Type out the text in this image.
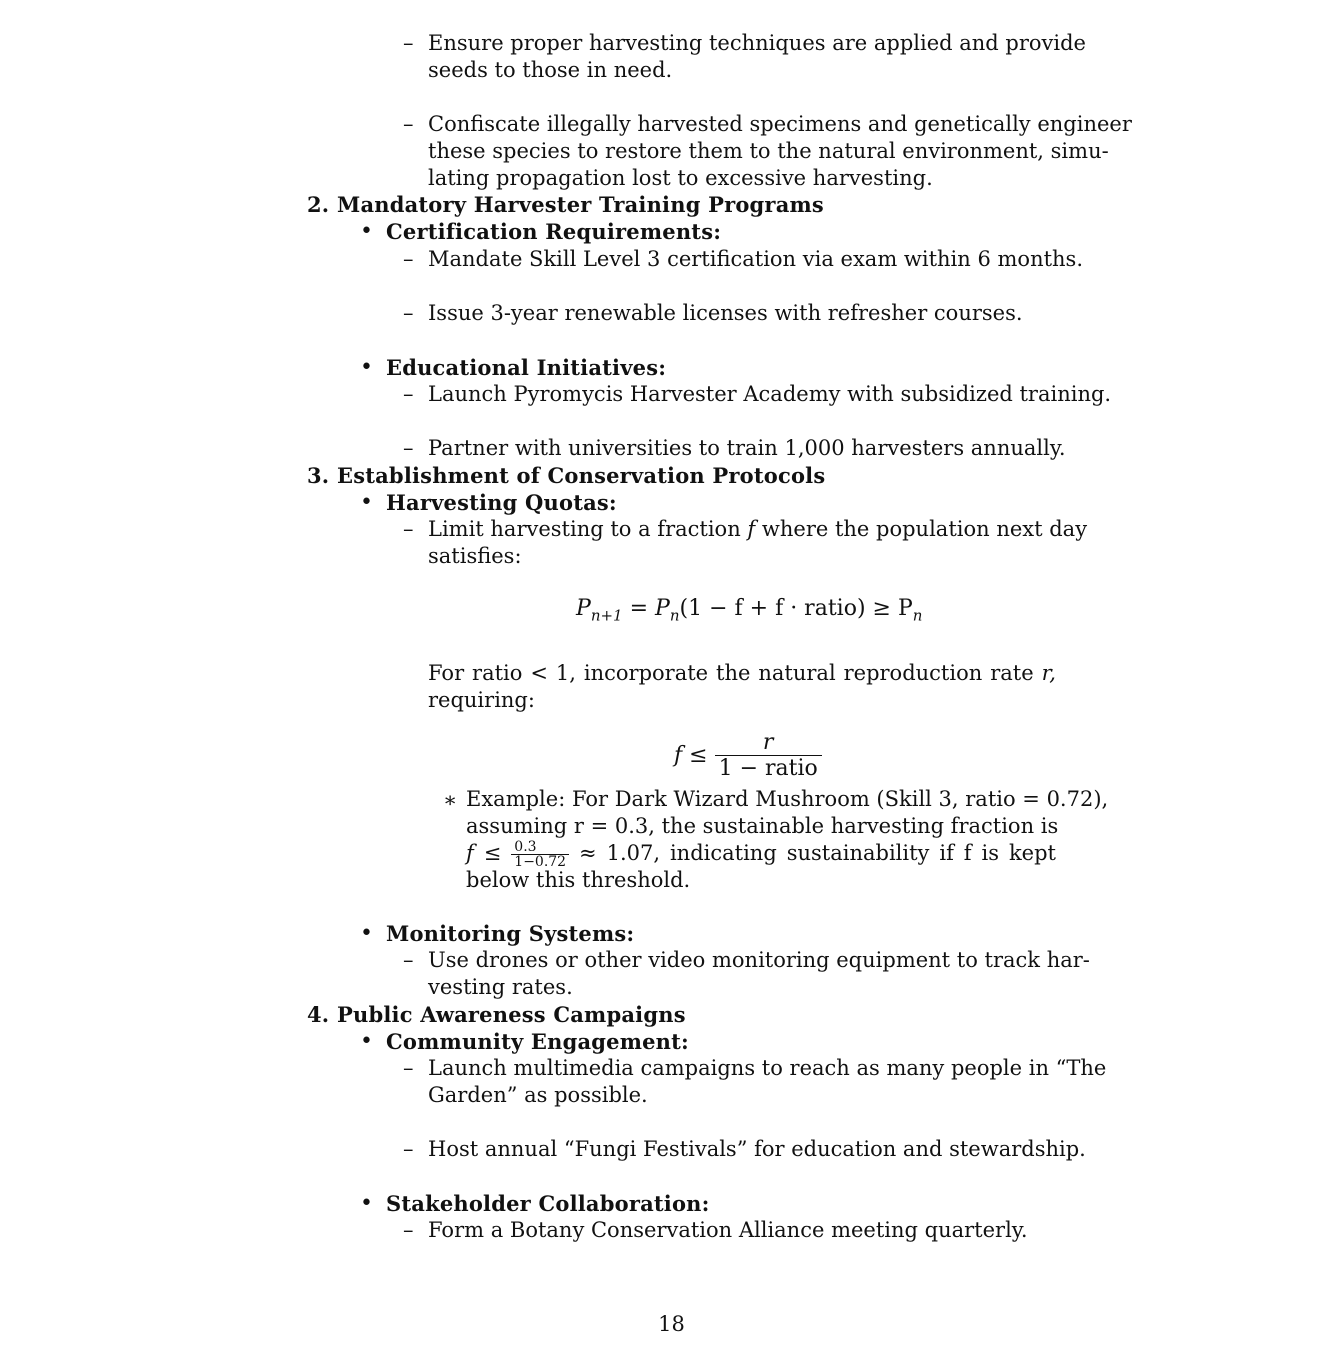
– Ensure proper harvesting techniques are applied and provide
seeds to those in need.
– Confiscate illegally harvested specimens and genetically engineer
these species to restore them to the natural environment, simu-
lating propagation lost to excessive harvesting.
2. Mandatory Harvester Training Programs
• Certification Requirements:
– Mandate Skill Level 3 certification via exam within 6 months.
– Issue 3-year renewable licenses with refresher courses.
• Educational Initiatives:
– Launch Pyromycis Harvester Academy with subsidized training.
– Partner with universities to train 1,000 harvesters annually.
3. Establishment of Conservation Protocols
• Harvesting Quotas:
– Limit harvesting to a fraction f where the population next day
satisfies:
$P_{n+1} = P_n(1 - f + f$ · ratio) ≥ $P_n$
For ratio < 1, incorporate the natural reproduction rate r,
requiring:
$f \le \frac{r}{\text{1 − ratio}}$
∗ Example: For Dark Wizard Mushroom (Skill 3, ratio = 0.72),
assuming r = 0.3, the sustainable harvesting fraction is
$f \le \frac{0.3}{1-0.72} \approx 1.07$, indicating sustainability if f is kept
below this threshold.
• Monitoring Systems:
– Use drones or other video monitoring equipment to track har-
vesting rates.
4. Public Awareness Campaigns
• Community Engagement:
– Launch multimedia campaigns to reach as many people in “The
Garden” as possible.
– Host annual “Fungi Festivals” for education and stewardship.
• Stakeholder Collaboration:
– Form a Botany Conservation Alliance meeting quarterly.
18
